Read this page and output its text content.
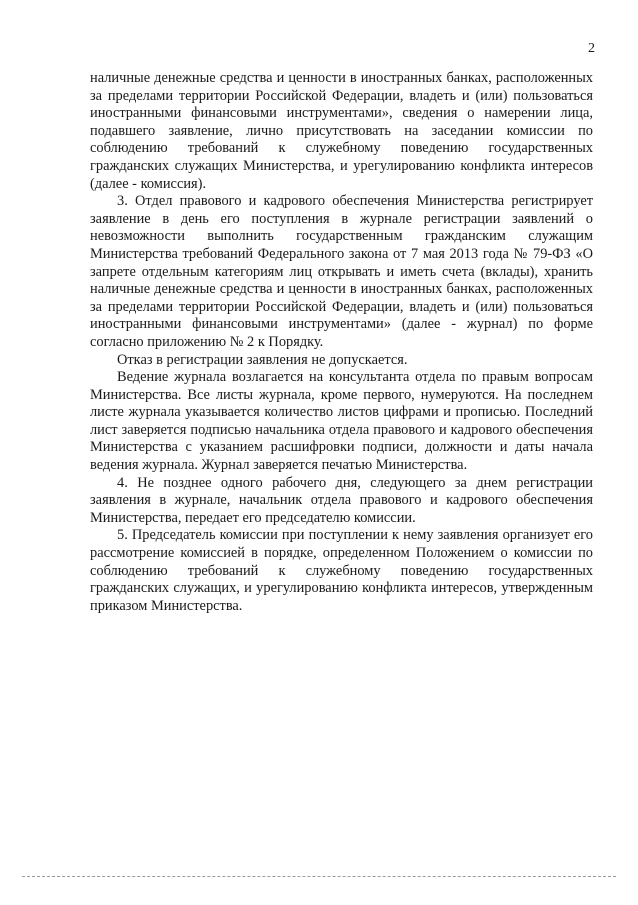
2

наличные денежные средства и ценности в иностранных банках, расположенных за пределами территории Российской Федерации, владеть и (или) пользоваться иностранными финансовыми инструментами», сведения о намерении лица, подавшего заявление, лично присутствовать на заседании комиссии по соблюдению требований к служебному поведению государственных гражданских служащих Министерства, и урегулированию конфликта интересов (далее - комиссия).

3. Отдел правового и кадрового обеспечения Министерства регистрирует заявление в день его поступления в журнале регистрации заявлений о невозможности выполнить государственным гражданским служащим Министерства требований Федерального закона от 7 мая 2013 года № 79-ФЗ «О запрете отдельным категориям лиц открывать и иметь счета (вклады), хранить наличные денежные средства и ценности в иностранных банках, расположенных за пределами территории Российской Федерации, владеть и (или) пользоваться иностранными финансовыми инструментами» (далее - журнал) по форме согласно приложению № 2 к Порядку.

Отказ в регистрации заявления не допускается.

Ведение журнала возлагается на консультанта отдела по правым вопросам Министерства. Все листы журнала, кроме первого, нумеруются. На последнем листе журнала указывается количество листов цифрами и прописью. Последний лист заверяется подписью начальника отдела правового и кадрового обеспечения Министерства с указанием расшифровки подписи, должности и даты начала ведения журнала. Журнал заверяется печатью Министерства.

4. Не позднее одного рабочего дня, следующего за днем регистрации заявления в журнале, начальник отдела правового и кадрового обеспечения Министерства, передает его председателю комиссии.

5. Председатель комиссии при поступлении к нему заявления организует его рассмотрение комиссией в порядке, определенном Положением о комиссии по соблюдению требований к служебному поведению государственных гражданских служащих, и урегулированию конфликта интересов, утвержденным приказом Министерства.
